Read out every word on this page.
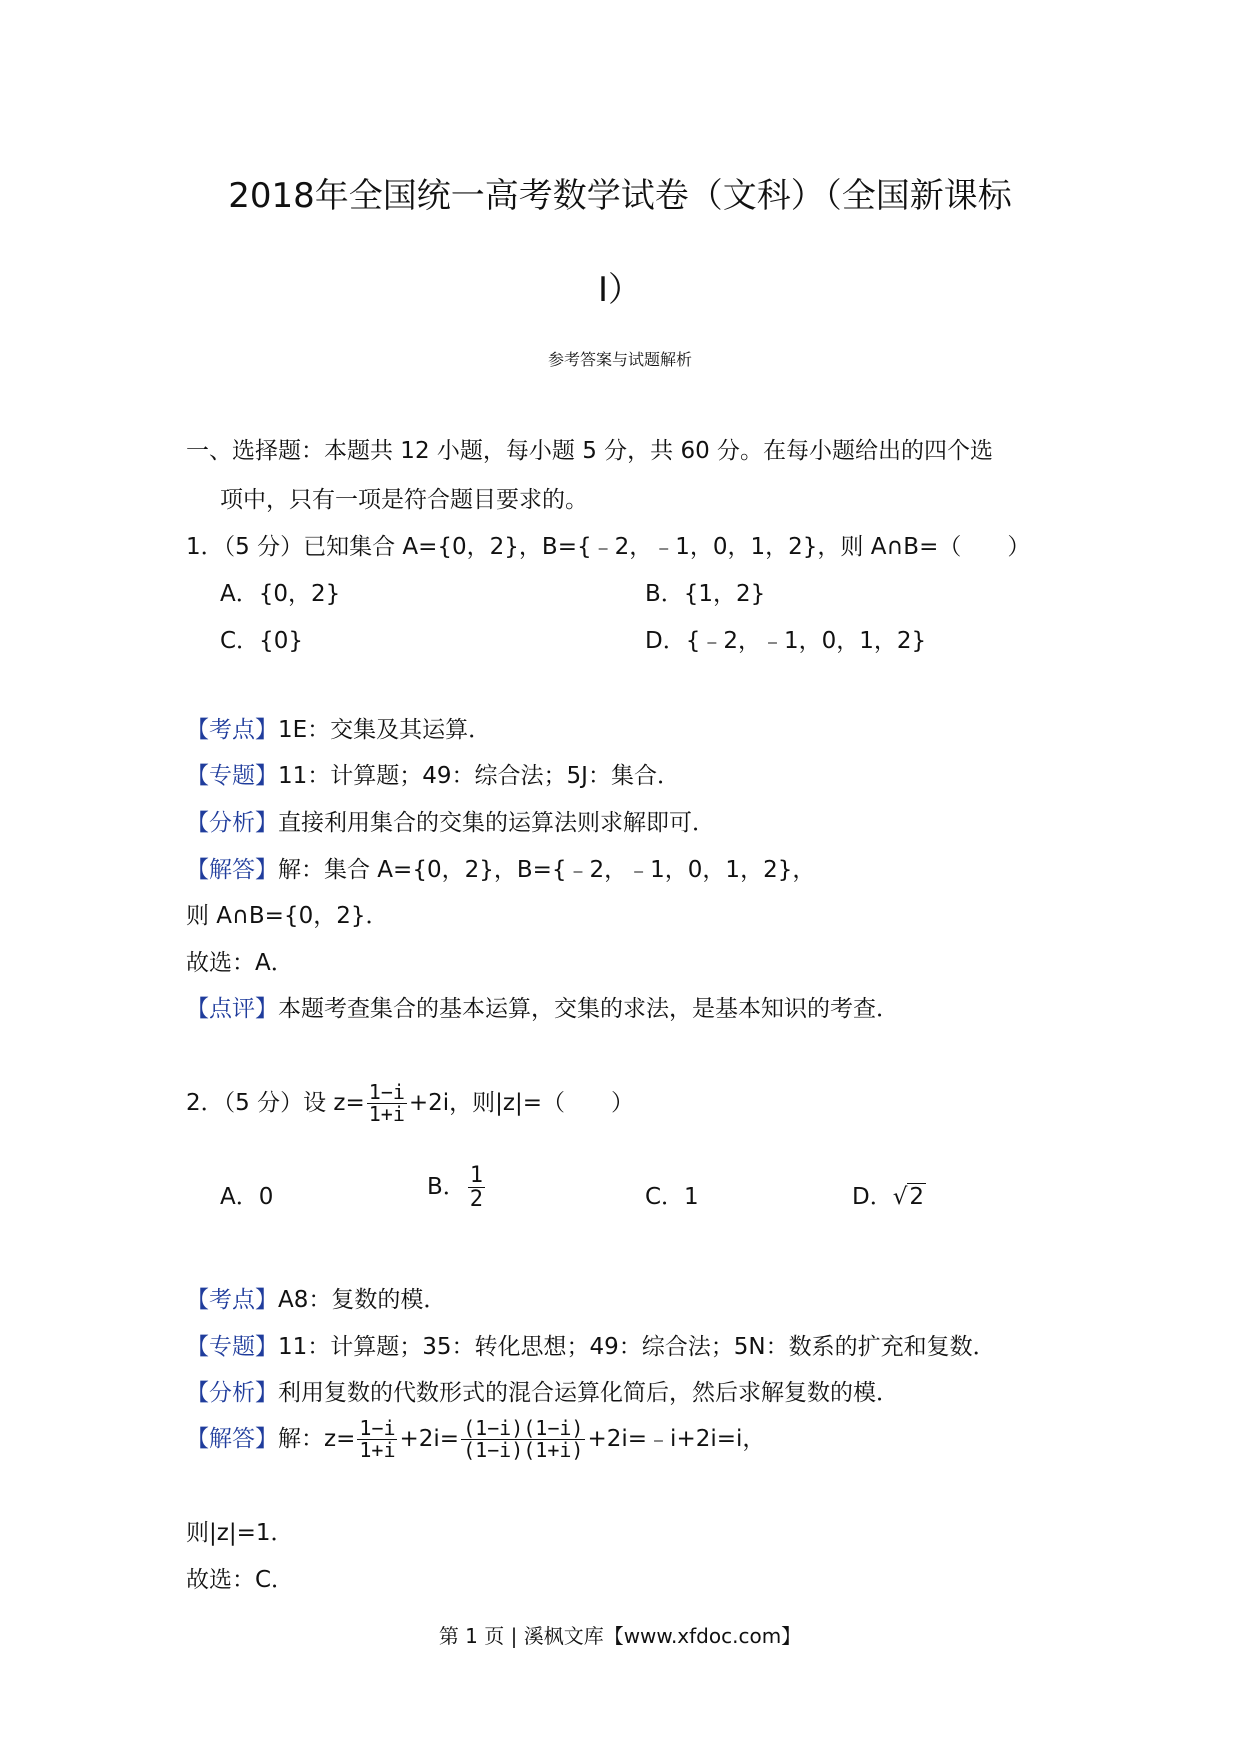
2018年全国统一高考数学试卷（文科）（全国新课标
Ⅰ）
参考答案与试题解析
一、选择题：本题共 12 小题，每小题 5 分，共 60 分。在每小题给出的四个选
项中，只有一项是符合题目要求的。
1．（5 分）已知集合 A={0，2}，B={﹣2，﹣1，0，1，2}，则 A∩B=（　　）
A．{0，2}	B．{1，2}
C．{0}	D．{﹣2，﹣1，0，1，2}
【考点】1E：交集及其运算．
【专题】11：计算题；49：综合法；5J：集合．
【分析】直接利用集合的交集的运算法则求解即可．
【解答】解：集合 A={0，2}，B={﹣2，﹣1，0，1，2}，
则 A∩B={0，2}．
故选：A．
【点评】本题考查集合的基本运算，交集的求法，是基本知识的考查．
2．（5 分）设 $z= \frac{1-i}{1+i} +2i$，则|z|=（　　）
A．0	B． $\frac{1}{2}$	C．1	D．√2
【考点】A8：复数的模．
【专题】11：计算题；35：转化思想；49：综合法；5N：数系的扩充和复数．
【分析】利用复数的代数形式的混合运算化简后，然后求解复数的模．
【解答】解：$z= \frac{1-i}{1+i} +2i= \frac{(1-i)(1-i)}{(1-i)(1+i)}$ +2i=﹣i+2i=i，
则|z|=1．
故选：C．
第 1 页 | 溪枫文库【www.xfdoc.com】
